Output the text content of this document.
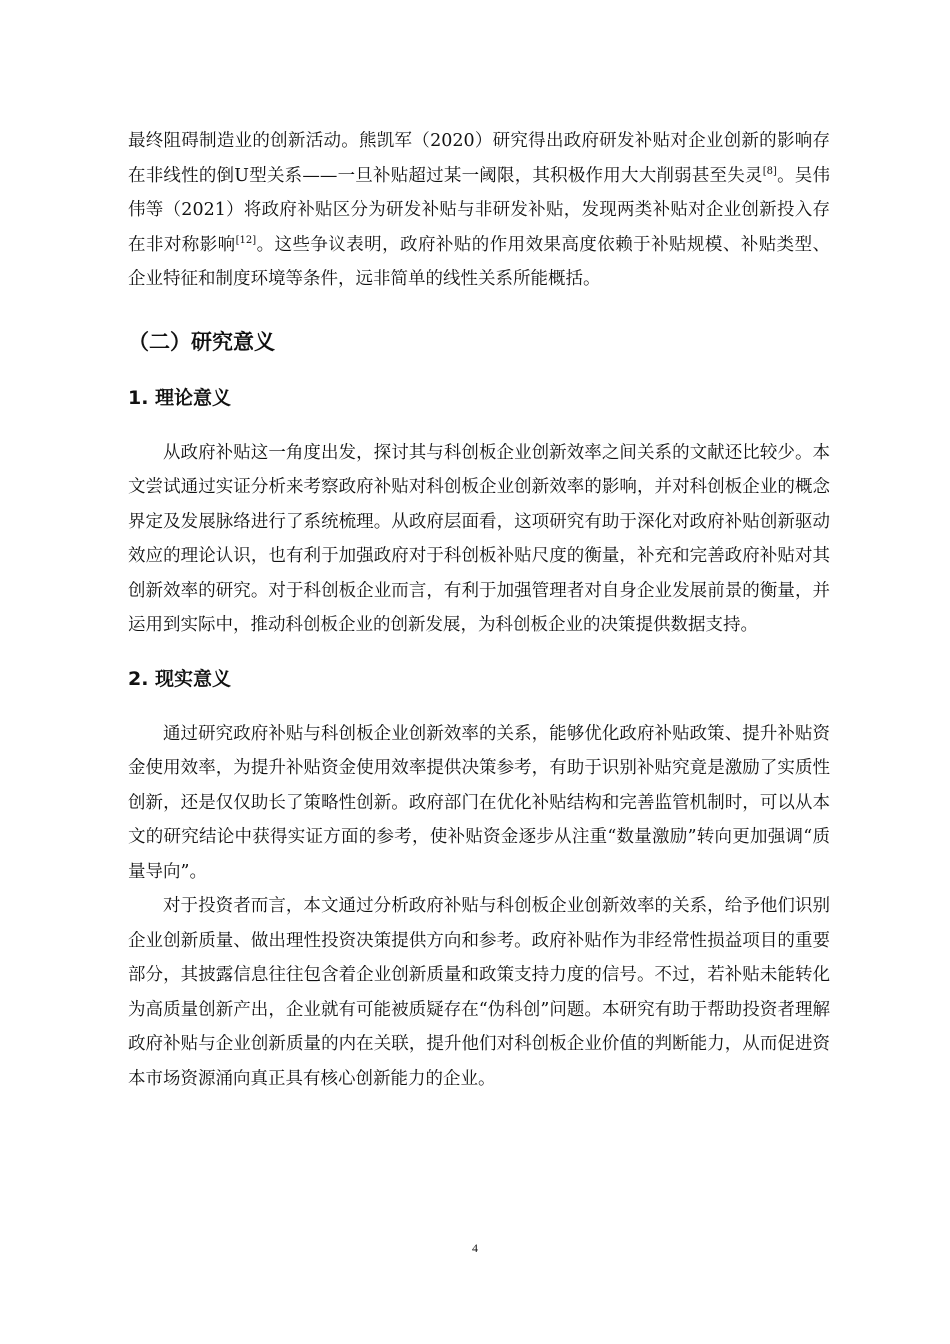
最终阻碍制造业的创新活动。熊凯军（2020）研究得出政府研发补贴对企业创新的影响存在非线性的倒U型关系——一旦补贴超过某一阈限，其积极作用大大削弱甚至失灵[8]。吴伟伟等（2021）将政府补贴区分为研发补贴与非研发补贴，发现两类补贴对企业创新投入存在非对称影响[12]。这些争议表明，政府补贴的作用效果高度依赖于补贴规模、补贴类型、企业特征和制度环境等条件，远非简单的线性关系所能概括。

（二）研究意义
1. 理论意义

从政府补贴这一角度出发，探讨其与科创板企业创新效率之间关系的文献还比较少。本文尝试通过实证分析来考察政府补贴对科创板企业创新效率的影响，并对科创板企业的概念界定及发展脉络进行了系统梳理。从政府层面看，这项研究有助于深化对政府补贴创新驱动效应的理论认识，也有利于加强政府对于科创板补贴尺度的衡量，补充和完善政府补贴对其创新效率的研究。对于科创板企业而言，有利于加强管理者对自身企业发展前景的衡量，并运用到实际中，推动科创板企业的创新发展，为科创板企业的决策提供数据支持。

2. 现实意义

通过研究政府补贴与科创板企业创新效率的关系，能够优化政府补贴政策、提升补贴资金使用效率，为提升补贴资金使用效率提供决策参考，有助于识别补贴究竟是激励了实质性创新，还是仅仅助长了策略性创新。政府部门在优化补贴结构和完善监管机制时，可以从本文的研究结论中获得实证方面的参考，使补贴资金逐步从注重“数量激励”转向更加强调“质量导向”。

对于投资者而言，本文通过分析政府补贴与科创板企业创新效率的关系，给予他们识别企业创新质量、做出理性投资决策提供方向和参考。政府补贴作为非经常性损益项目的重要部分，其披露信息往往包含着企业创新质量和政策支持力度的信号。不过，若补贴未能转化为高质量创新产出，企业就有可能被质疑存在“伪科创”问题。本研究有助于帮助投资者理解政府补贴与企业创新质量的内在关联，提升他们对科创板企业价值的判断能力，从而促进资本市场资源涌向真正具有核心创新能力的企业。

4
